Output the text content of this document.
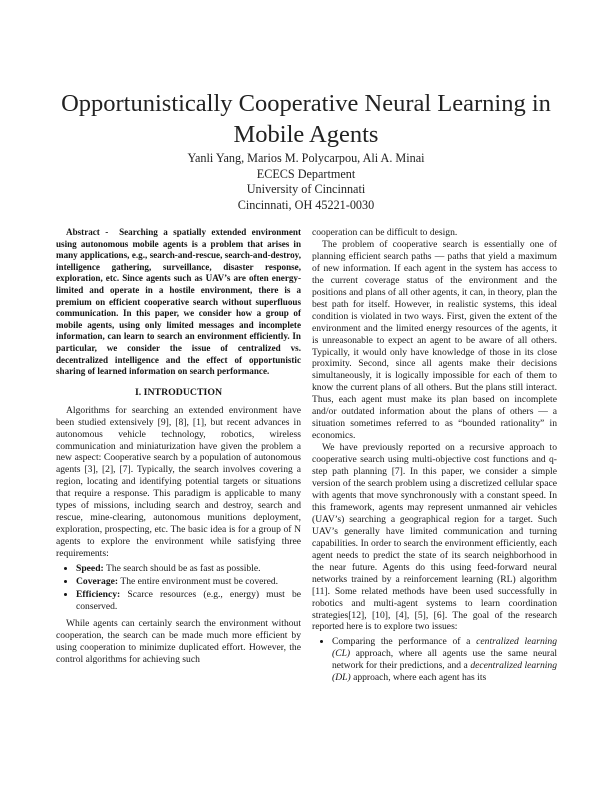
Opportunistically Cooperative Neural Learning in Mobile Agents
Yanli Yang, Marios M. Polycarpou, Ali A. Minai
ECECS Department
University of Cincinnati
Cincinnati, OH 45221-0030

Abstract - Searching a spatially extended environment using autonomous mobile agents is a problem that arises in many applications, e.g., search-and-rescue, search-and-destroy, intelligence gathering, surveillance, disaster response, exploration, etc. Since agents such as UAV’s are often energy-limited and operate in a hostile environment, there is a premium on efficient cooperative search without superfluous communication. In this paper, we consider how a group of mobile agents, using only limited messages and incomplete information, can learn to search an environment efficiently. In particular, we consider the issue of centralized vs. decentralized intelligence and the effect of opportunistic sharing of learned information on search performance.

I. INTRODUCTION

Algorithms for searching an extended environment have been studied extensively [9], [8], [1], but recent advances in autonomous vehicle technology, robotics, wireless communication and miniaturization have given the problem a new aspect: Cooperative search by a population of autonomous agents [3], [2], [7]. Typically, the search involves covering a region, locating and identifying potential targets or situations that require a response. This paradigm is applicable to many types of missions, including search and destroy, search and rescue, mine-clearing, autonomous munitions deployment, exploration, prospecting, etc. The basic idea is for a group of N agents to explore the environment while satisfying three requirements:

• Speed: The search should be as fast as possible.
• Coverage: The entire environment must be covered.
• Efficiency: Scarce resources (e.g., energy) must be conserved.

While agents can certainly search the environment without cooperation, the search can be made much more efficient by using cooperation to minimize duplicated effort. However, the control algorithms for achieving such

cooperation can be difficult to design.

The problem of cooperative search is essentially one of planning efficient search paths — paths that yield a maximum of new information. If each agent in the system has access to the current coverage status of the environment and the positions and plans of all other agents, it can, in theory, plan the best path for itself. However, in realistic systems, this ideal condition is violated in two ways. First, given the extent of the environment and the limited energy resources of the agents, it is unreasonable to expect an agent to be aware of all others. Typically, it would only have knowledge of those in its close proximity. Second, since all agents make their decisions simultaneously, it is logically impossible for each of them to know the current plans of all others. But the plans still interact. Thus, each agent must make its plan based on incomplete and/or outdated information about the plans of others — a situation sometimes referred to as “bounded rationality” in economics.

We have previously reported on a recursive approach to cooperative search using multi-objective cost functions and q-step path planning [7]. In this paper, we consider a simple version of the search problem using a discretized cellular space with agents that move synchronously with a constant speed. In this framework, agents may represent unmanned air vehicles (UAV’s) searching a geographical region for a target. Such UAV’s generally have limited communication and turning capabilities. In order to search the environment efficiently, each agent needs to predict the state of its search neighborhood in the near future. Agents do this using feed-forward neural networks trained by a reinforcement learning (RL) algorithm [11]. Some related methods have been used successfully in robotics and multi-agent systems to learn coordination strategies[12], [10], [4], [5], [6]. The goal of the research reported here is to explore two issues:

• Comparing the performance of a centralized learning (CL) approach, where all agents use the same neural network for their predictions, and a decentralized learning (DL) approach, where each agent has its
